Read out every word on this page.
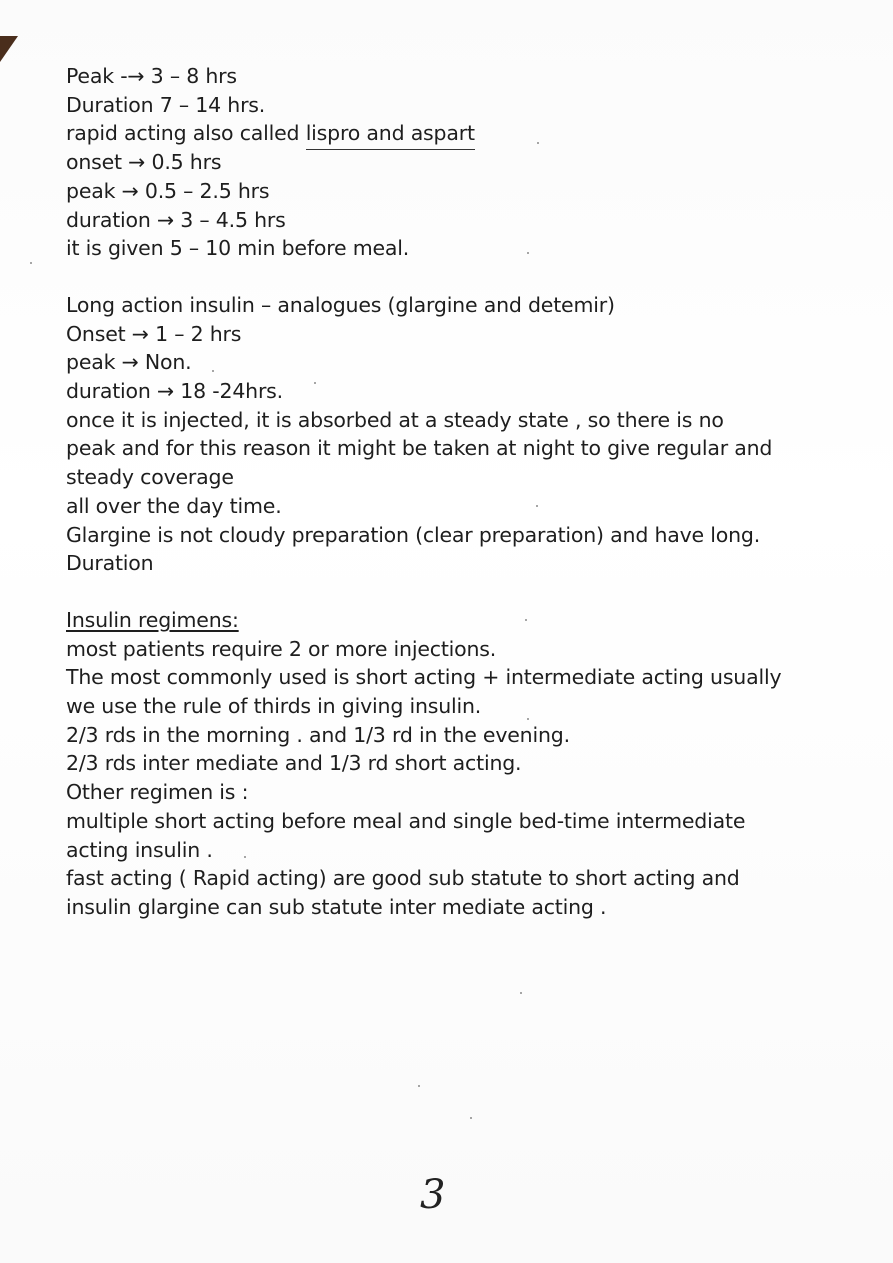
Peak -→ 3 – 8 hrs
Duration 7 – 14 hrs.
rapid acting also called lispro and aspart
onset → 0.5 hrs
peak → 0.5 – 2.5 hrs
duration → 3 – 4.5 hrs
it is given 5 – 10 min before meal.
Long action insulin – analogues (glargine and detemir)
Onset → 1 – 2 hrs
peak → Non.
duration → 18 -24hrs.
once it is injected, it is absorbed at a steady state , so there is no
peak and for this reason it might be taken at night to give regular and
steady coverage
all over the day time.
Glargine is not cloudy preparation (clear preparation) and have long.
Duration
Insulin regimens:
most patients require 2 or more injections.
The most commonly used is short acting + intermediate acting usually
we use the rule of thirds in giving insulin.
2/3 rds in the morning . and 1/3 rd in the evening.
2/3 rds inter mediate and 1/3 rd short acting.
Other regimen is :
multiple short acting before meal and single bed-time intermediate
acting insulin .
fast acting ( Rapid acting) are good sub statute to short acting and
insulin glargine can sub statute inter mediate acting .
3
